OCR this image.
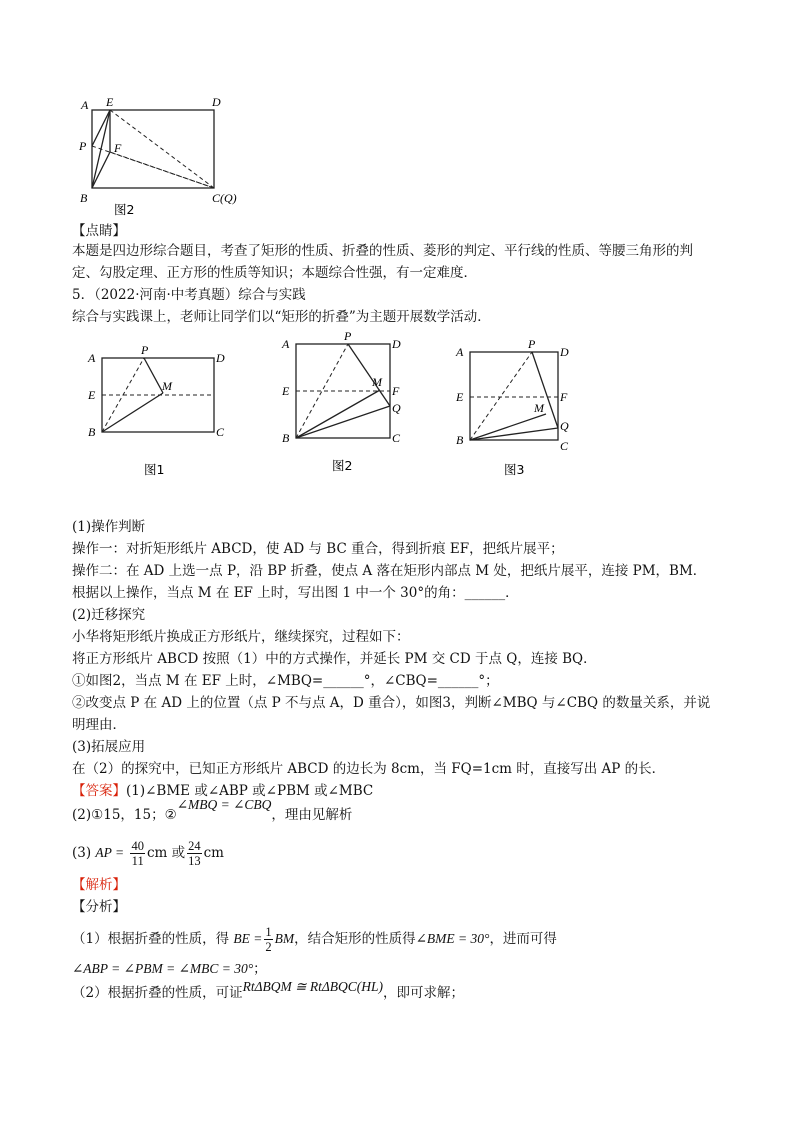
A E	D
P F
B	C(Q)
图2
【点睛】
本题是四边形综合题目，考查了矩形的性质、折叠的性质、菱形的判定、平行线的性质、等腰三角形的判
定、勾股定理、正方形的性质等知识；本题综合性强，有一定难度．
5．（2022·河南·中考真题）综合与实践
综合与实践课上，老师让同学们以“矩形的折叠”为主题开展数学活动．
A
P
D
E
M
B	C
图1
A
P
D
E
M
F
Q
B	C
图2
A
P
D
E	F
M
Q
B	C
图3
(1)操作判断
操作一：对折矩形纸片 ABCD，使 AD 与 BC 重合，得到折痕 EF，把纸片展平；
操作二：在 AD 上选一点 P，沿 BP 折叠，使点 A 落在矩形内部点 M 处，把纸片展平，连接 PM，BM．
根据以上操作，当点 M 在 EF 上时，写出图 1 中一个 30°的角：______．
(2)迁移探究
小华将矩形纸片换成正方形纸片，继续探究，过程如下：
将正方形纸片 ABCD 按照（1）中的方式操作，并延长 PM 交 CD 于点 Q，连接 BQ．
①如图2，当点 M 在 EF 上时，∠MBQ=______°，∠CBQ=______°；
②改变点 P 在 AD 上的位置（点 P 不与点 A，D 重合），如图3，判断∠MBQ 与∠CBQ 的数量关系，并说
明理由．
(3)拓展应用
在（2）的探究中，已知正方形纸片 ABCD 的边长为 8cm，当 FQ=1cm 时，直接写出 AP 的长．
【答案】(1)∠BME 或∠ABP 或∠PBM 或∠MBC
(2)①15，15；②∠MBQ = ∠CBQ，理由见解析
(3) AP = $\frac{40}{11}$ cm 或 $\frac{24}{13}$ cm
【解析】
【分析】
（1）根据折叠的性质，得 BE = $\frac{1}{2}$ BM，结合矩形的性质得∠BME = 30°，进而可得
∠ABP = ∠PBM = ∠MBC = 30°；
（2）根据折叠的性质，可证RtΔBQM ≅ RtΔBQC(HL)，即可求解；
